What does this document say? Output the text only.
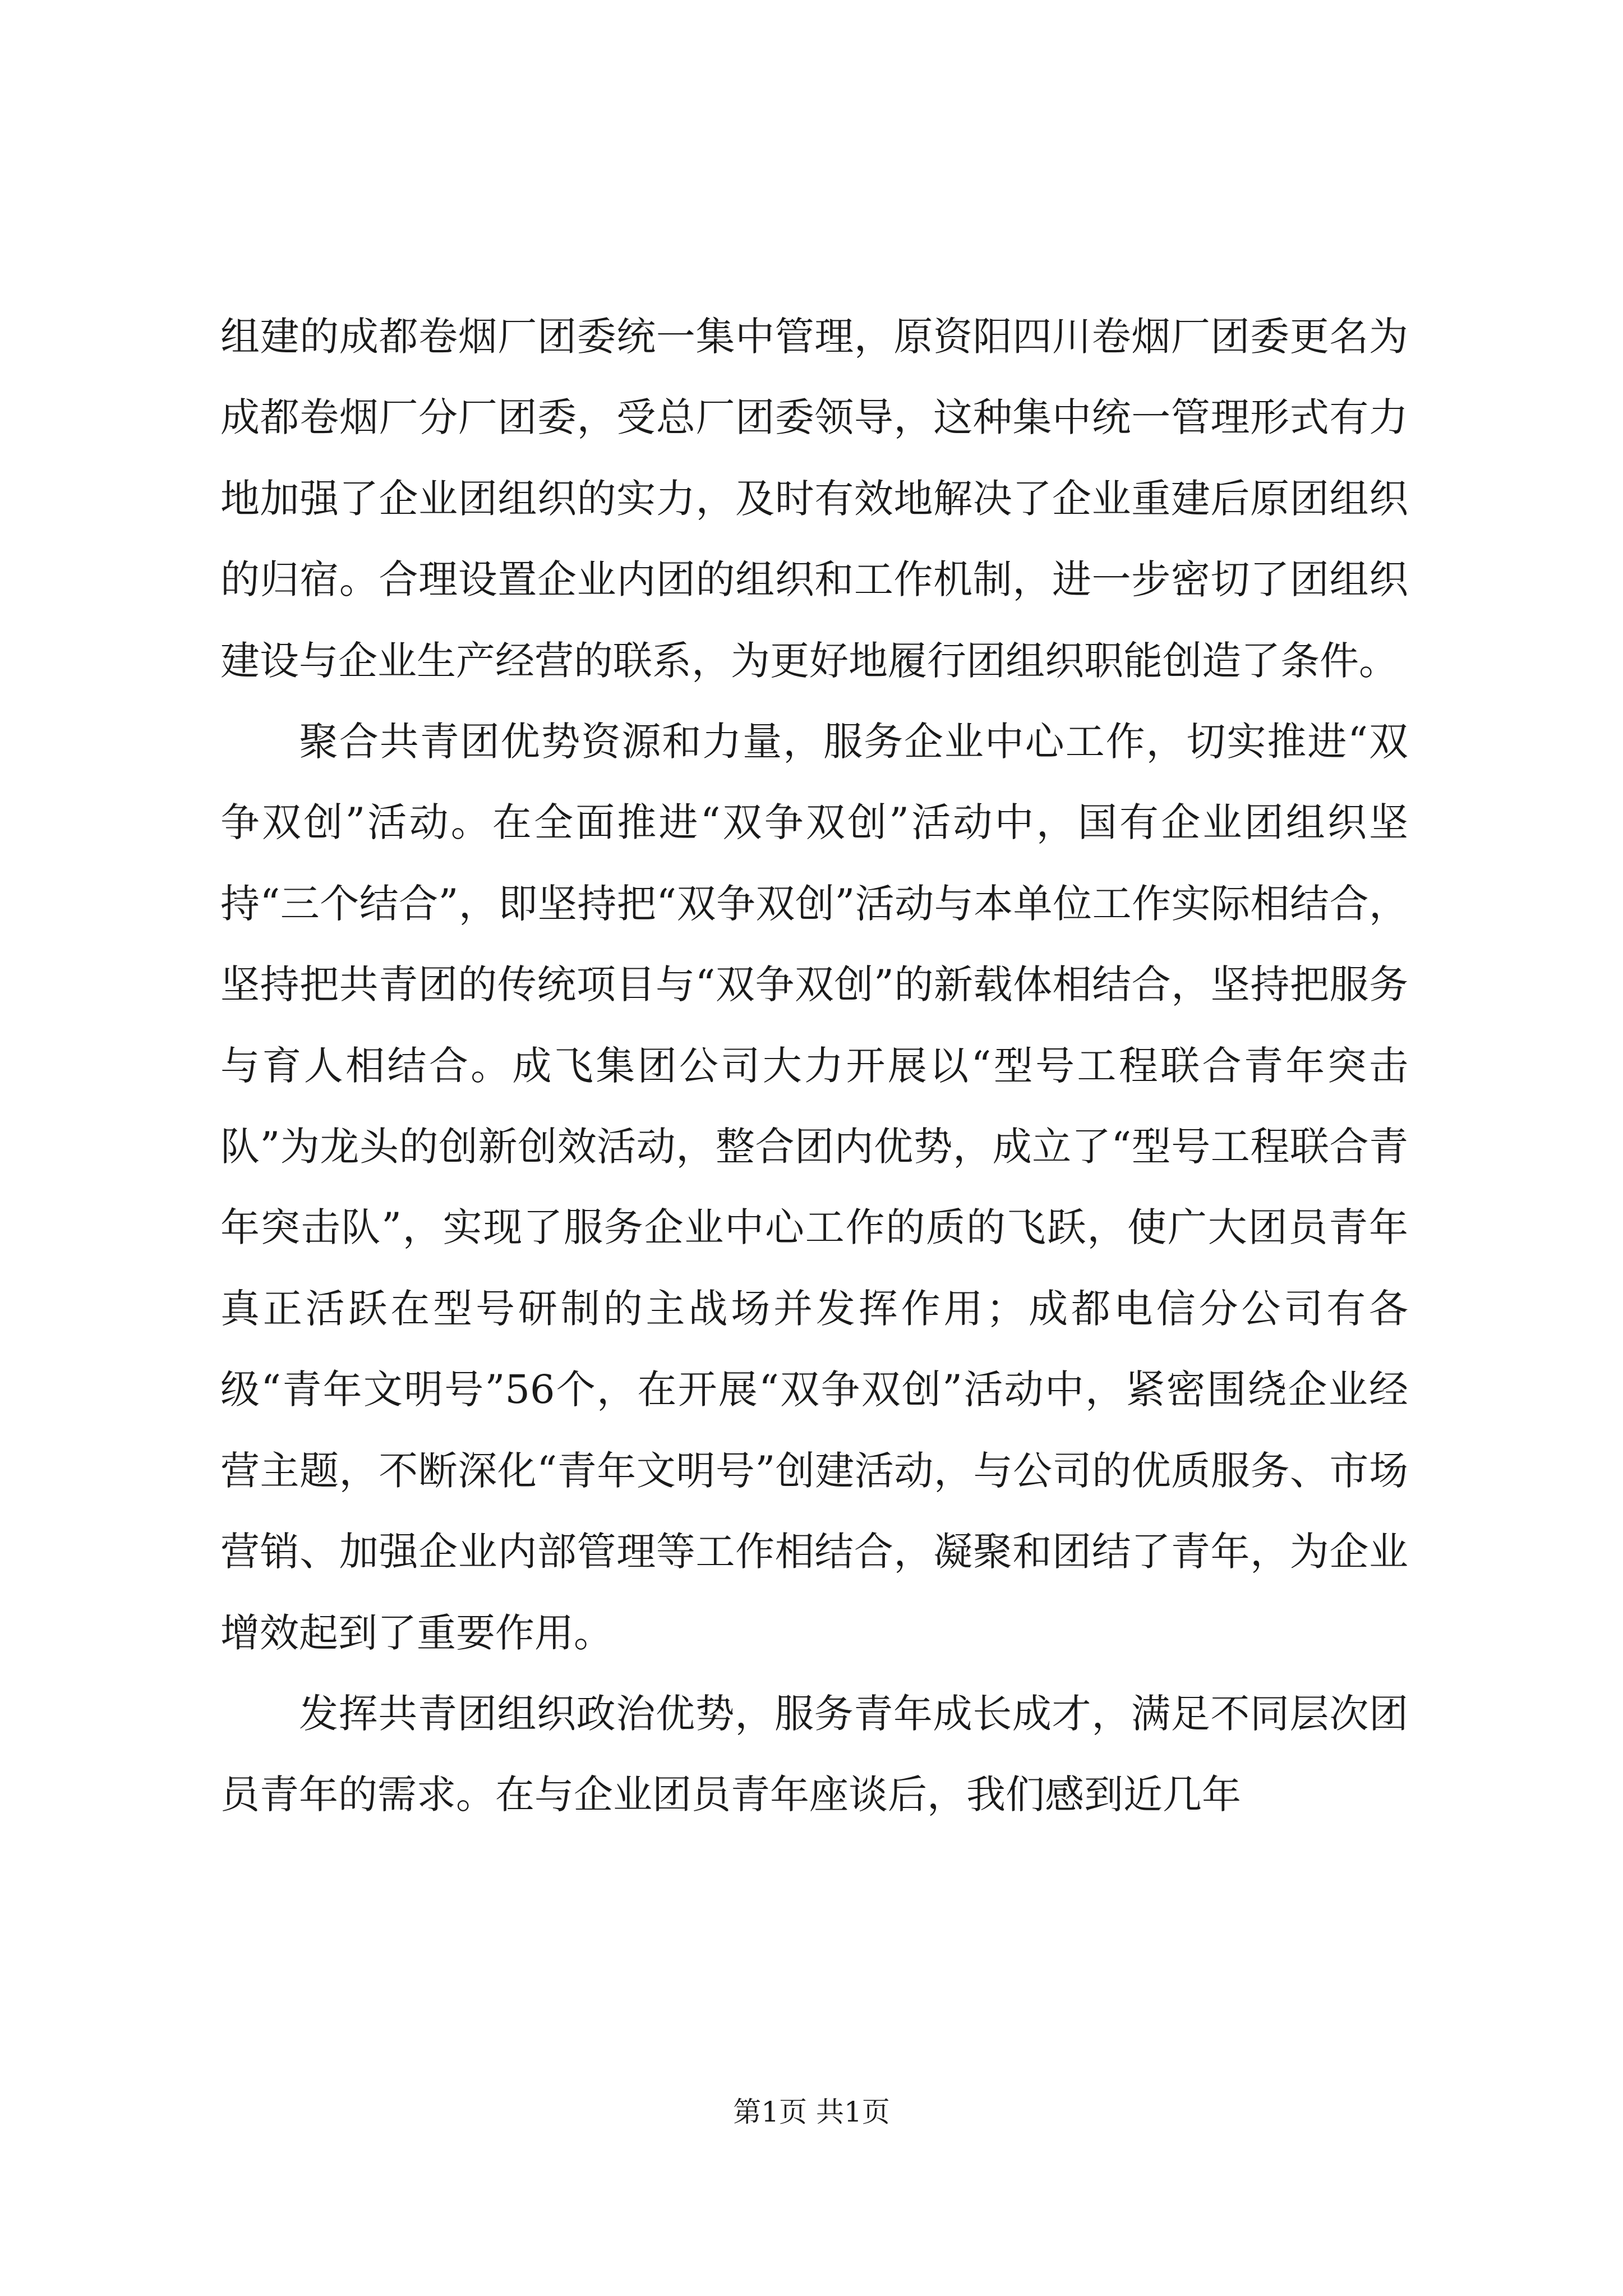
组建的成都卷烟厂团委统一集中管理，原资阳四川卷烟厂团委更名为成都卷烟厂分厂团委，受总厂团委领导，这种集中统一管理形式有力地加强了企业团组织的实力，及时有效地解决了企业重建后原团组织的归宿。合理设置企业内团的组织和工作机制，进一步密切了团组织建设与企业生产经营的联系，为更好地履行团组织职能创造了条件。

聚合共青团优势资源和力量，服务企业中心工作，切实推进“双争双创”活动。在全面推进“双争双创”活动中，国有企业团组织坚持“三个结合”，即坚持把“双争双创”活动与本单位工作实际相结合，坚持把共青团的传统项目与“双争双创”的新载体相结合，坚持把服务与育人相结合。成飞集团公司大力开展以“型号工程联合青年突击队”为龙头的创新创效活动，整合团内优势，成立了“型号工程联合青年突击队”，实现了服务企业中心工作的质的飞跃，使广大团员青年真正活跃在型号研制的主战场并发挥作用；成都电信分公司有各级“青年文明号”56个，在开展“双争双创”活动中，紧密围绕企业经营主题，不断深化“青年文明号”创建活动，与公司的优质服务、市场营销、加强企业内部管理等工作相结合，凝聚和团结了青年，为企业增效起到了重要作用。

发挥共青团组织政治优势，服务青年成长成才，满足不同层次团员青年的需求。在与企业团员青年座谈后，我们感到近几年

第1页 共1页
